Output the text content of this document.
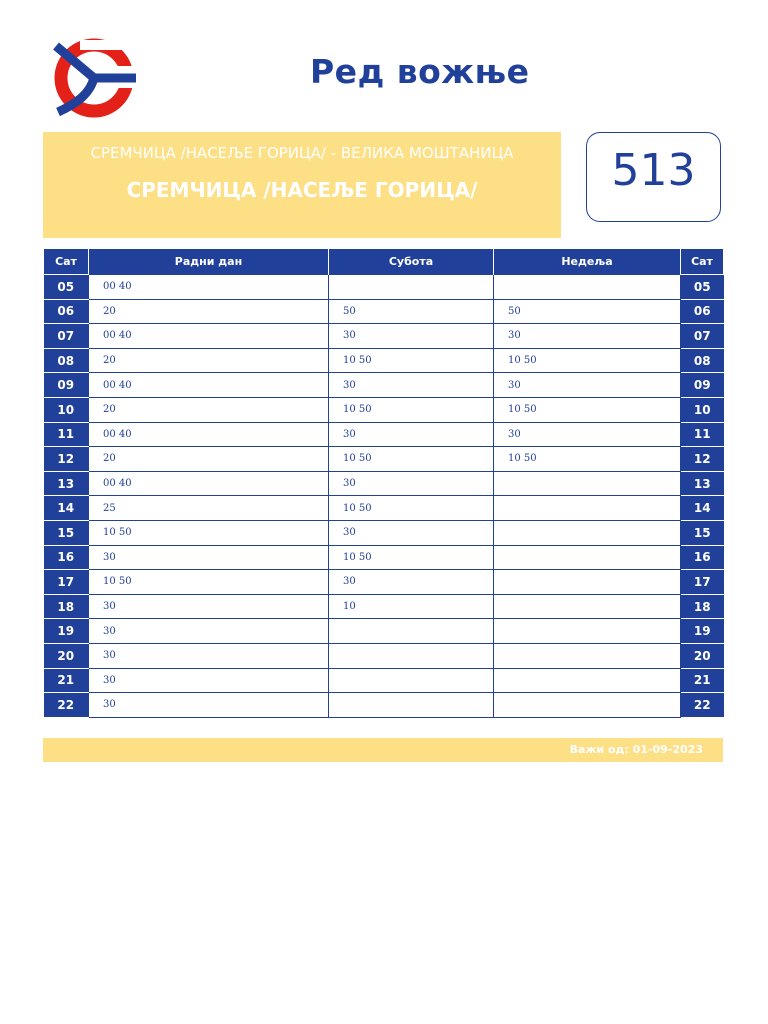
Ред вожње
СРЕМЧИЦА /НАСЕЉЕ ГОРИЦА/ - ВЕЛИКА МОШТАНИЦА
СРЕМЧИЦА /НАСЕЉЕ ГОРИЦА/	513
Сат	Радни дан	Субота	Недеља	Сат
05	00 40			05
06	20	50	50	06
07	00 40	30	30	07
08	20	10 50	10 50	08
09	00 40	30	30	09
10	20	10 50	10 50	10
11	00 40	30	30	11
12	20	10 50	10 50	12
13	00 40	30		13
14	25	10 50		14
15	10 50	30		15
16	30	10 50		16
17	10 50	30		17
18	30	10		18
19	30			19
20	30			20
21	30			21
22	30			22
Важи од: 01-09-2023
